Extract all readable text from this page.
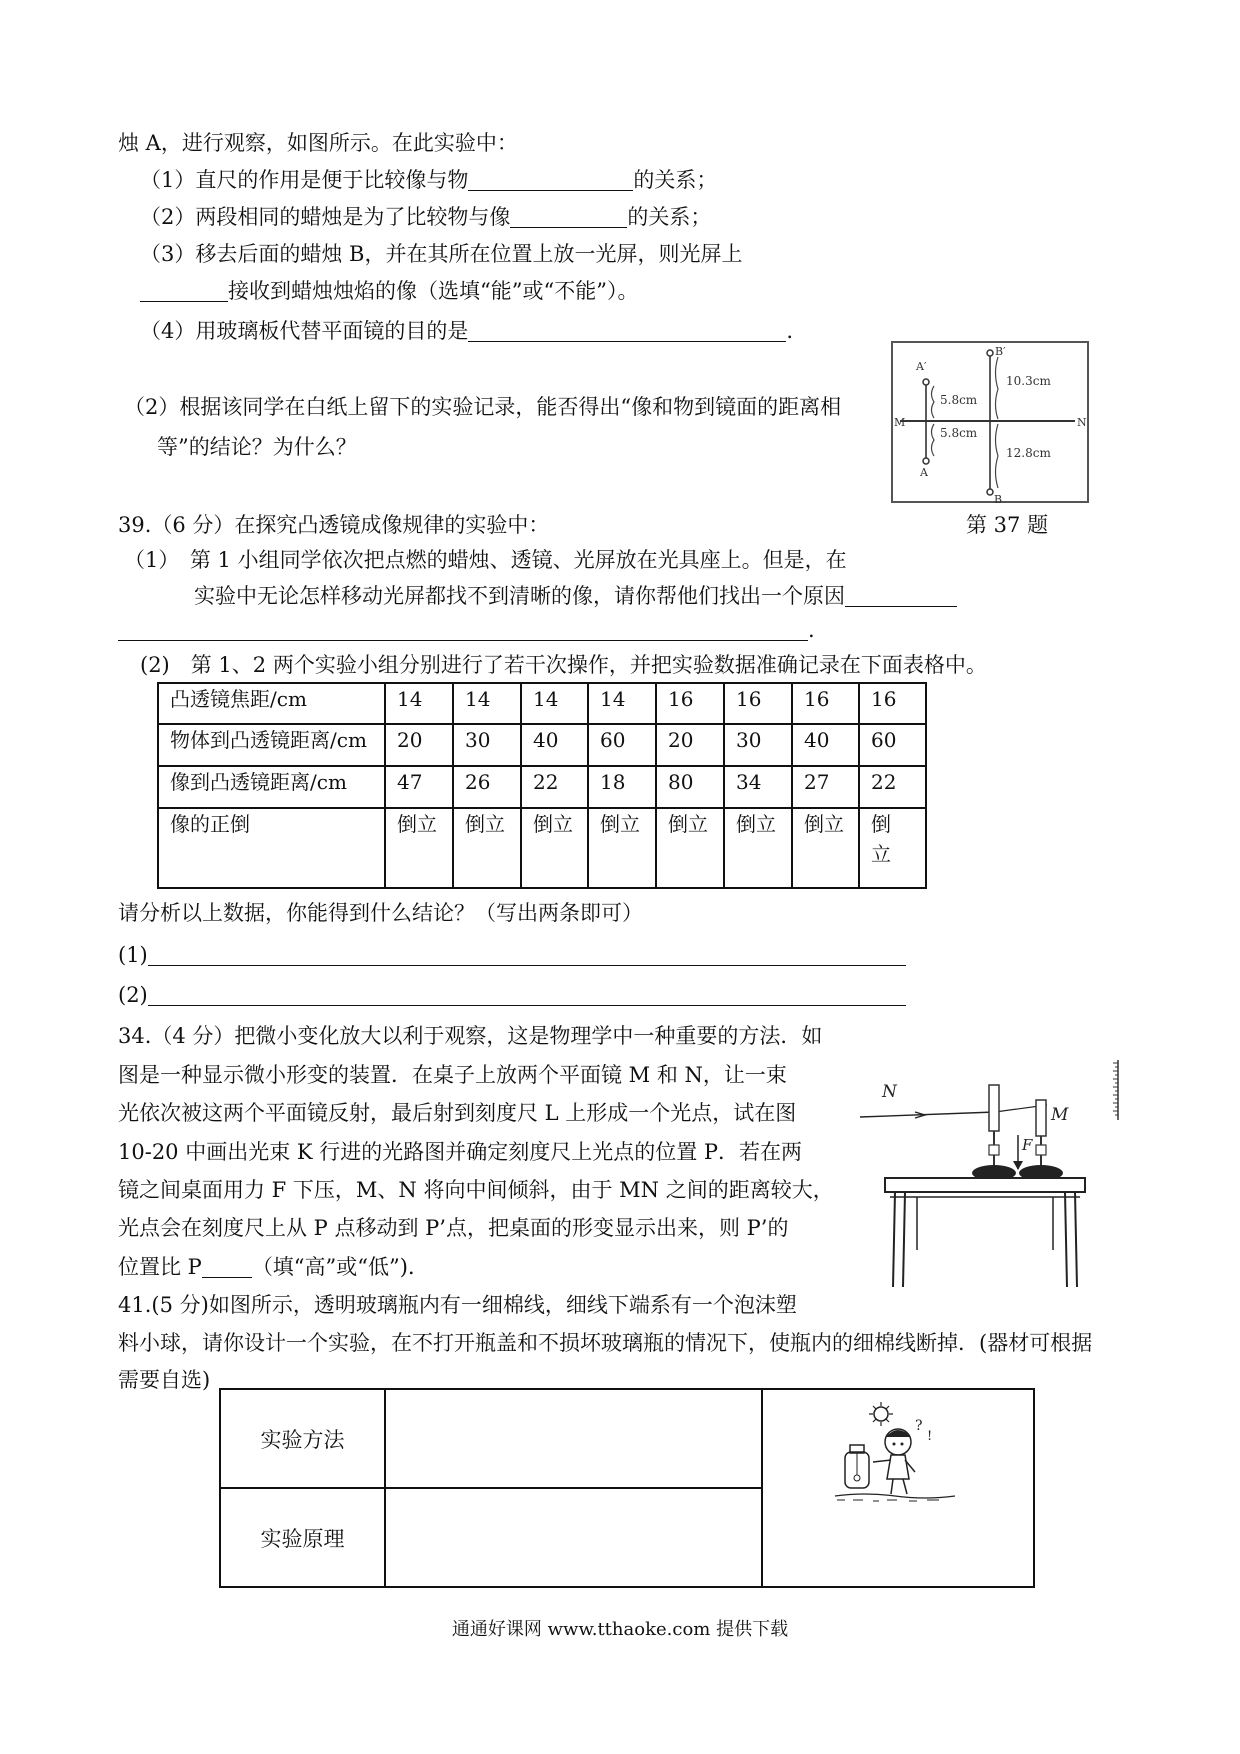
烛 A，进行观察，如图所示。在此实验中：
（1）直尺的作用是便于比较像与物	的关系；
（2）两段相同的蜡烛是为了比较物与像	的关系；
（3）移去后面的蜡烛 B，并在其所在位置上放一光屏，则光屏上
接收到蜡烛烛焰的像（选填“能”或“不能”）。
（4）用玻璃板代替平面镜的目的是	.
（2）根据该同学在白纸上留下的实验记录，能否得出“像和物到镜面的距离相
等”的结论？为什么？
A′
B′
A
B
M	N
5.8cm
5.8cm
10.3cm
12.8cm
第 37 题
39.（6 分）在探究凸透镜成像规律的实验中：
（1）　第 1 小组同学依次把点燃的蜡烛、透镜、光屏放在光具座上。但是，在
实验中无论怎样移动光屏都找不到清晰的像，请你帮他们找出一个原因
.
(2)　第 1、2 两个实验小组分别进行了若干次操作，并把实验数据准确记录在下面表格中。
凸透镜焦距/cm	14	14	14	14	16	16	16	16
物体到凸透镜距离/cm	20	30	40	60	20	30	40	60
像到凸透镜距离/cm	47	26	22	18	80	34	27	22
像的正倒	倒立	倒立	倒立	倒立	倒立	倒立	倒立	倒
立
请分析以上数据，你能得到什么结论？（写出两条即可）
(1)
(2)
34.（4 分）把微小变化放大以利于观察，这是物理学中一种重要的方法．如
图是一种显示微小形变的装置．在桌子上放两个平面镜 M 和 N，让一束
光依次被这两个平面镜反射，最后射到刻度尺 L 上形成一个光点，试在图
10-20 中画出光束 K 行进的光路图并确定刻度尺上光点的位置 P．若在两
镜之间桌面用力 F 下压，M、N 将向中间倾斜，由于 MN 之间的距离较大，
光点会在刻度尺上从 P 点移动到 P’点，把桌面的形变显示出来，则 P’的
位置比 P （填“高”或“低”)．
N
M
F
41.(5 分)如图所示，透明玻璃瓶内有一细棉线，细线下端系有一个泡沫塑
料小球，请你设计一个实验，在不打开瓶盖和不损坏玻璃瓶的情况下，使瓶内的细棉线断掉．(器材可根据
需要自选)
实验方法		?
!

实验原理		
通通好课网 www.tthaoke.com 提供下载
